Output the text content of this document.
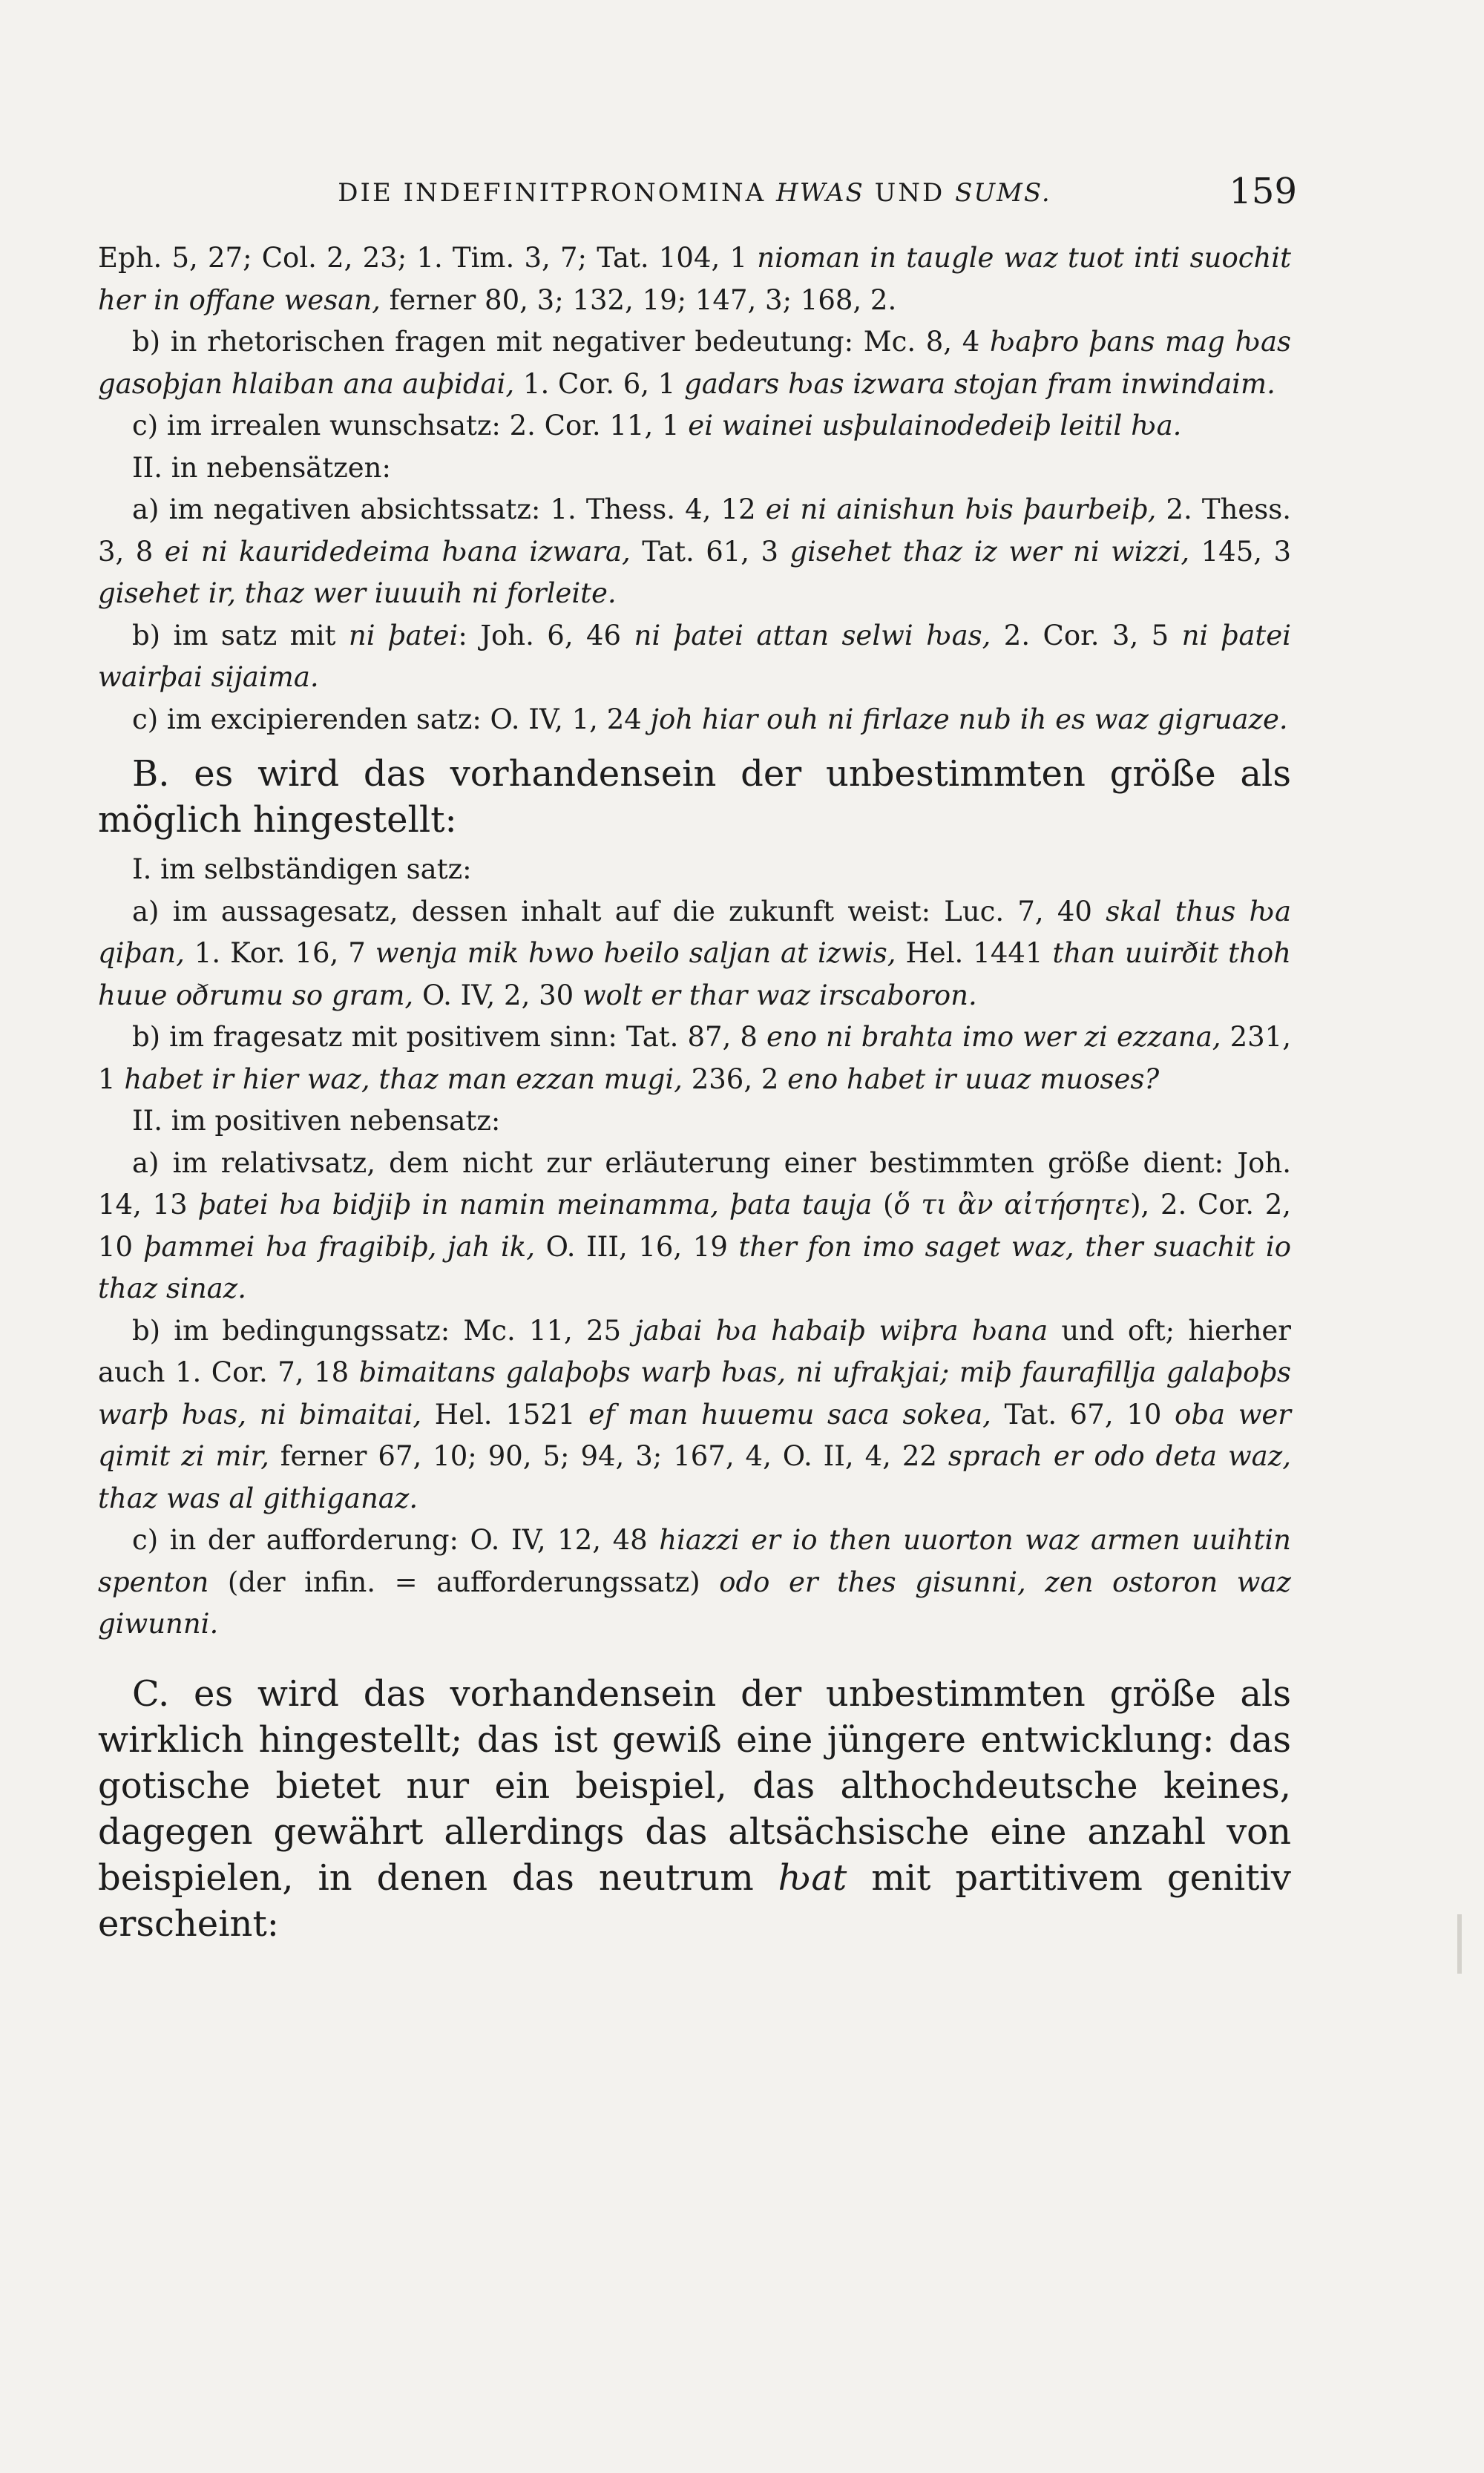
DIE INDEFINITPRONOMINA HWAS UND SUMS.	159

Eph. 5, 27; Col. 2, 23; 1. Tim. 3, 7; Tat. 104, 1 nioman in taugle waz tuot inti suochit her in offane wesan, ferner 80, 3; 132, 19; 147, 3; 168, 2.

b) in rhetorischen fragen mit negativer bedeutung: Mc. 8, 4 ƕaþro þans mag ƕas gasoþjan hlaiban ana auþidai, 1. Cor. 6, 1 gadars ƕas izwara stojan fram inwindaim.

c) im irrealen wunschsatz: 2. Cor. 11, 1 ei wainei usþulainodedeiþ leitil ƕa.

II. in nebensätzen:

a) im negativen absichtssatz: 1. Thess. 4, 12 ei ni ainishun ƕis þaurbeiþ, 2. Thess. 3, 8 ei ni kauridedeima ƕana izwara, Tat. 61, 3 gisehet thaz iz wer ni wizzi, 145, 3 gisehet ir, thaz wer iuuuih ni forleite.

b) im satz mit ni þatei: Joh. 6, 46 ni þatei attan selwi ƕas, 2. Cor. 3, 5 ni þatei wairþai sijaima.

c) im excipierenden satz: O. IV, 1, 24 joh hiar ouh ni firlaze nub ih es waz gigruaze.

B. es wird das vorhandensein der unbestimmten größe als möglich hingestellt:

I. im selbständigen satz:

a) im aussagesatz, dessen inhalt auf die zukunft weist: Luc. 7, 40 skal thus ƕa qiþan, 1. Kor. 16, 7 wenja mik ƕwo ƕeilo saljan at izwis, Hel. 1441 than uuirðit thoh huue oðrumu so gram, O. IV, 2, 30 wolt er thar waz irscaboron.

b) im fragesatz mit positivem sinn: Tat. 87, 8 eno ni brahta imo wer zi ezzana, 231, 1 habet ir hier waz, thaz man ezzan mugi, 236, 2 eno habet ir uuaz muoses?

II. im positiven nebensatz:

a) im relativsatz, dem nicht zur erläuterung einer bestimmten größe dient: Joh. 14, 13 þatei ƕa bidjiþ in namin meinamma, þata tauja (ὅ τι ἂν αἰτήσητε), 2. Cor. 2, 10 þammei ƕa fragibiþ, jah ik, O. III, 16, 19 ther fon imo saget waz, ther suachit io thaz sinaz.

b) im bedingungssatz: Mc. 11, 25 jabai ƕa habaiþ wiþra ƕana und oft; hierher auch 1. Cor. 7, 18 bimaitans galaþoþs warþ ƕas, ni ufrakjai; miþ faurafillja galaþoþs warþ ƕas, ni bimaitai, Hel. 1521 ef man huuemu saca sokea, Tat. 67, 10 oba wer qimit zi mir, ferner 67, 10; 90, 5; 94, 3; 167, 4, O. II, 4, 22 sprach er odo deta waz, thaz was al githiganaz.

c) in der aufforderung: O. IV, 12, 48 hiazzi er io then uuorton waz armen uuihtin spenton (der infin. = aufforderungssatz) odo er thes gisunni, zen ostoron waz giwunni.

C. es wird das vorhandensein der unbestimmten größe als wirklich hingestellt; das ist gewiß eine jüngere entwicklung: das gotische bietet nur ein beispiel, das althochdeutsche keines, dagegen gewährt allerdings das altsächsische eine anzahl von beispielen, in denen das neutrum ƕat mit partitivem genitiv erscheint:
